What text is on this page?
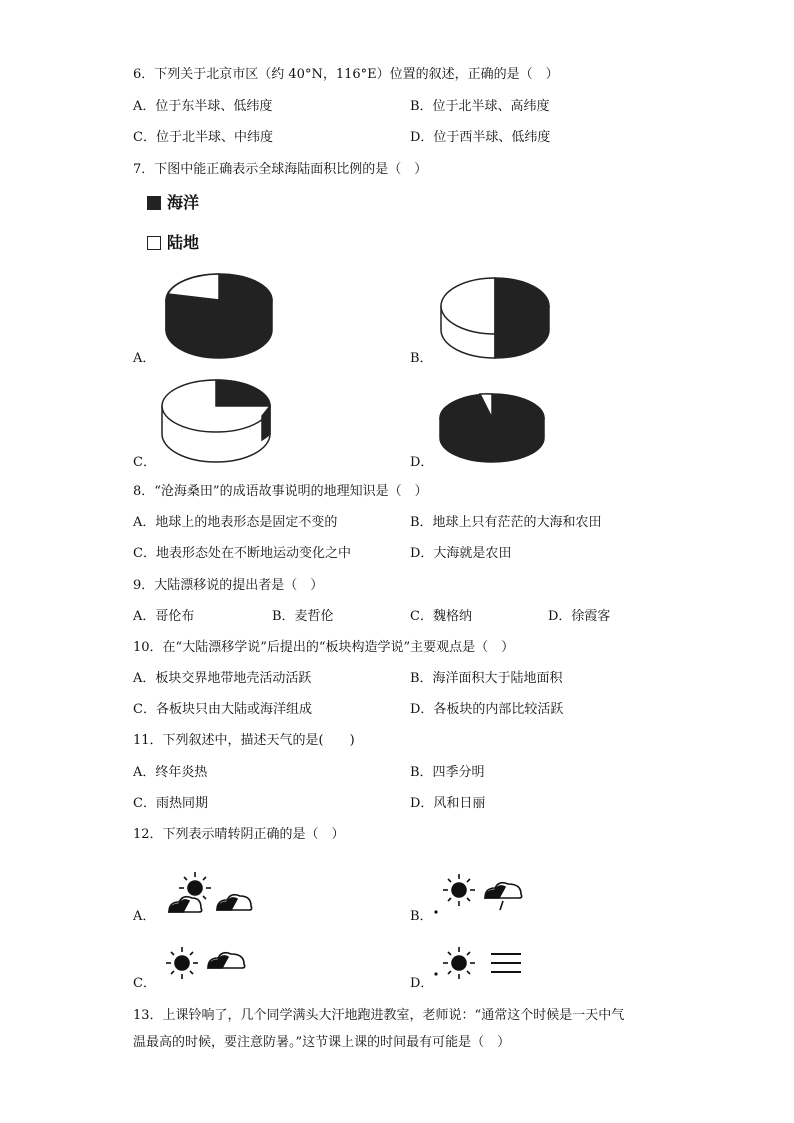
6．下列关于北京市区（约 40°N，116°E）位置的叙述，正确的是（　）
A．位于东半球、低纬度	B．位于北半球、高纬度
C．位于北半球、中纬度	D．位于西半球、低纬度
7．下图中能正确表示全球海陆面积比例的是（　）
海洋
陆地
A．	B．
C．	D．
8．“沧海桑田”的成语故事说明的地理知识是（　）
A．地球上的地表形态是固定不变的	B．地球上只有茫茫的大海和农田
C．地表形态处在不断地运动变化之中	D．大海就是农田
9．大陆漂移说的提出者是（　）
A．哥伦布	B．麦哲伦	C．魏格纳	D．徐霞客
10．在“大陆漂移学说”后提出的“板块构造学说”主要观点是（　）
A．板块交界地带地壳活动活跃	B．海洋面积大于陆地面积
C．各板块只由大陆或海洋组成	D．各板块的内部比较活跃
11．下列叙述中，描述天气的是(　　)
A．终年炎热	B．四季分明
C．雨热同期	D．风和日丽
12．下列表示晴转阴正确的是（　）
A．	B．
C．	D．
13．上课铃响了，几个同学满头大汗地跑进教室，老师说：“通常这个时候是一天中气
温最高的时候，要注意防暑。”这节课上课的时间最有可能是（　）
